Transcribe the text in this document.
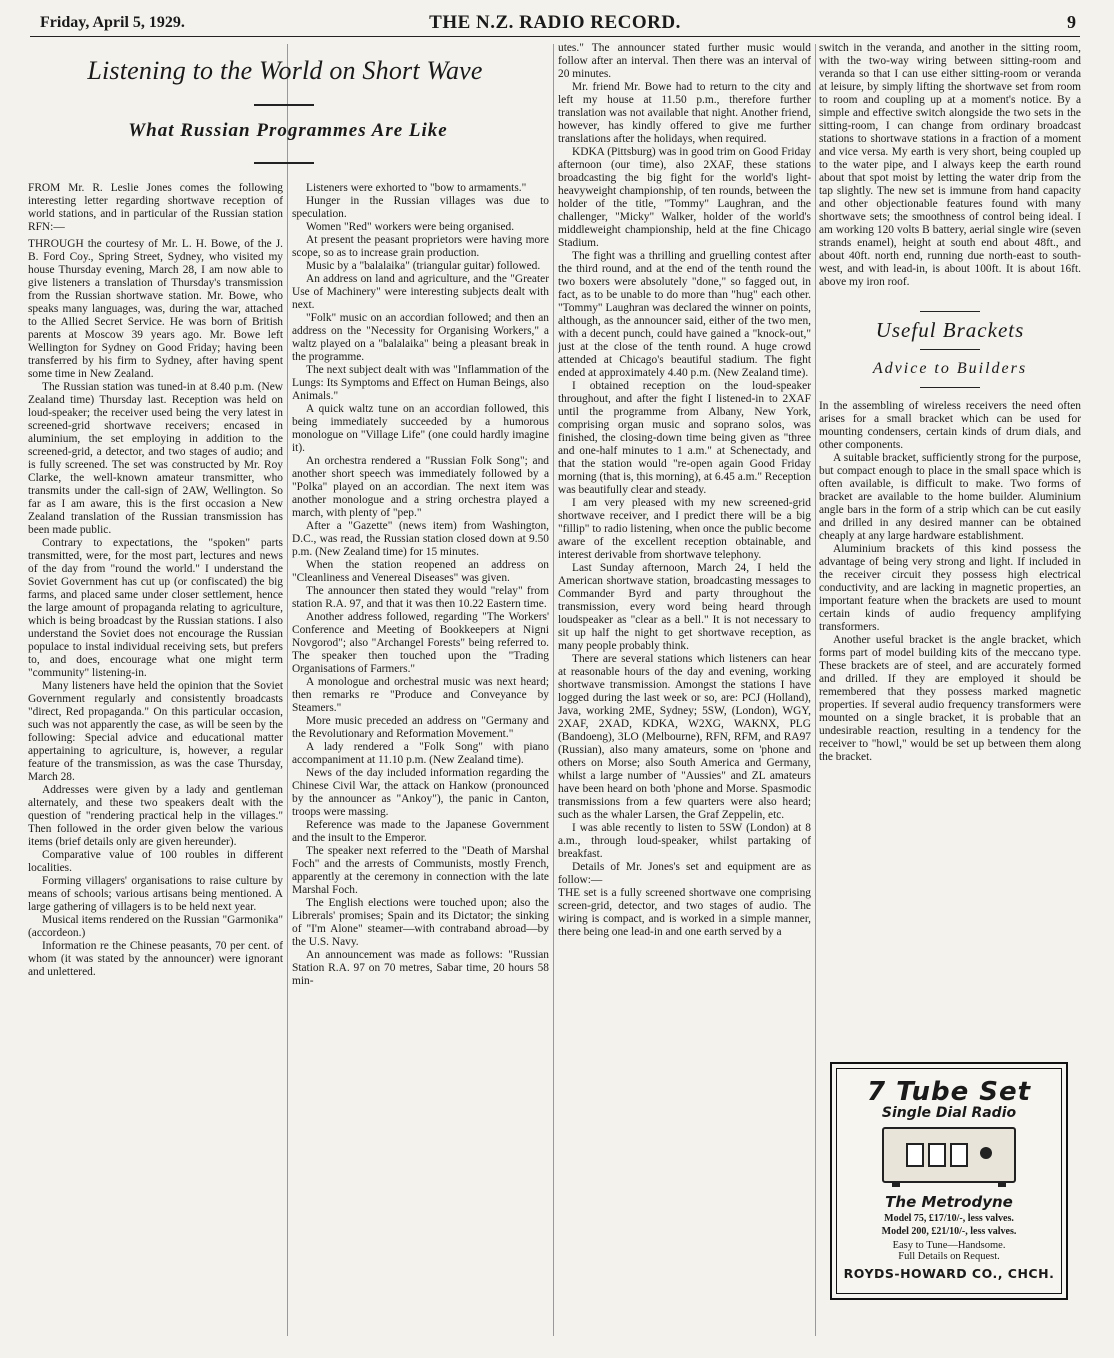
Friday, April 5, 1929.	THE N.Z. RADIO RECORD.	9
Listening to the World on Short Wave
What Russian Programmes Are Like

FROM Mr. R. Leslie Jones comes the following interesting letter regarding shortwave reception of world stations, and in particular of the Russian station RFN:—

THROUGH the courtesy of Mr. L. H. Bowe, of the J. B. Ford Coy., Spring Street, Sydney, who visited my house Thursday evening, March 28, I am now able to give listeners a translation of Thursday's transmission from the Russian shortwave station. Mr. Bowe, who speaks many languages, was, during the war, attached to the Allied Secret Service. He was born of British parents at Moscow 39 years ago. Mr. Bowe left Wellington for Sydney on Good Friday; having been transferred by his firm to Sydney, after having spent some time in New Zealand.

The Russian station was tuned-in at 8.40 p.m. (New Zealand time) Thursday last. Reception was held on loud-speaker; the receiver used being the very latest in screened-grid shortwave receivers; encased in aluminium, the set employing in addition to the screened-grid, a detector, and two stages of audio; and is fully screened. The set was constructed by Mr. Roy Clarke, the well-known amateur transmitter, who transmits under the call-sign of 2AW, Wellington. So far as I am aware, this is the first occasion a New Zealand translation of the Russian transmission has been made public.

Contrary to expectations, the "spoken" parts transmitted, were, for the most part, lectures and news of the day from "round the world." I understand the Soviet Government has cut up (or confiscated) the big farms, and placed same under closer settlement, hence the large amount of propaganda relating to agriculture, which is being broadcast by the Russian stations. I also understand the Soviet does not encourage the Russian populace to instal individual receiving sets, but prefers to, and does, encourage what one might term "community" listening-in.

Many listeners have held the opinion that the Soviet Government regularly and consistently broadcasts "direct, Red propaganda." On this particular occasion, such was not apparently the case, as will be seen by the following: Special advice and educational matter appertaining to agriculture, is, however, a regular feature of the transmission, as was the case Thursday, March 28.

Addresses were given by a lady and gentleman alternately, and these two speakers dealt with the question of "rendering practical help in the villages." Then followed in the order given below the various items (brief details only are given hereunder).

Comparative value of 100 roubles in different localities.

Forming villagers' organisations to raise culture by means of schools; various artisans being mentioned. A large gathering of villagers is to be held next year.

Musical items rendered on the Russian "Garmonika" (accordeon.)

Information re the Chinese peasants, 70 per cent. of whom (it was stated by the announcer) were ignorant and unlettered.

Listeners were exhorted to "bow to armaments."

Hunger in the Russian villages was due to speculation.

Women "Red" workers were being organised.

At present the peasant proprietors were having more scope, so as to increase grain production.

Music by a "balalaika" (triangular guitar) followed.

An address on land and agriculture, and the "Greater Use of Machinery" were interesting subjects dealt with next.

"Folk" music on an accordian followed; and then an address on the "Necessity for Organising Workers," a waltz played on a "balalaika" being a pleasant break in the programme.

The next subject dealt with was "Inflammation of the Lungs: Its Symptoms and Effect on Human Beings, also Animals."

A quick waltz tune on an accordian followed, this being immediately succeeded by a humorous monologue on "Village Life" (one could hardly imagine it).

An orchestra rendered a "Russian Folk Song"; and another short speech was immediately followed by a "Polka" played on an accordian. The next item was another monologue and a string orchestra played a march, with plenty of "pep."

After a "Gazette" (news item) from Washington, D.C., was read, the Russian station closed down at 9.50 p.m. (New Zealand time) for 15 minutes.

When the station reopened an address on "Cleanliness and Venereal Diseases" was given.

The announcer then stated they would "relay" from station R.A. 97, and that it was then 10.22 Eastern time.

Another address followed, regarding "The Workers' Conference and Meeting of Bookkeepers at Nigni Novgorod"; also "Archangel Forests" being referred to. The speaker then touched upon the "Trading Organisations of Farmers."

A monologue and orchestral music was next heard; then remarks re "Produce and Conveyance by Steamers."

More music preceded an address on "Germany and the Revolutionary and Reformation Movement."

A lady rendered a "Folk Song" with piano accompaniment at 11.10 p.m. (New Zealand time).

News of the day included information regarding the Chinese Civil War, the attack on Hankow (pronounced by the announcer as "Ankoy"), the panic in Canton, troops were massing.

Reference was made to the Japanese Government and the insult to the Emperor.

The speaker next referred to the "Death of Marshal Foch" and the arrests of Communists, mostly French, apparently at the ceremony in connection with the late Marshal Foch.

The English elections were touched upon; also the Librerals' promises; Spain and its Dictator; the sinking of "I'm Alone" steamer—with contraband abroad—by the U.S. Navy.

An announcement was made as follows: "Russian Station R.A. 97 on 70 metres, Sabar time, 20 hours 58 min-

utes." The announcer stated further music would follow after an interval. Then there was an interval of 20 minutes.

Mr. friend Mr. Bowe had to return to the city and left my house at 11.50 p.m., therefore further translation was not available that night. Another friend, however, has kindly offered to give me further translations after the holidays, when required.

KDKA (Pittsburg) was in good trim on Good Friday afternoon (our time), also 2XAF, these stations broadcasting the big fight for the world's light-heavyweight championship, of ten rounds, between the holder of the title, "Tommy" Laughran, and the challenger, "Micky" Walker, holder of the world's middleweight championship, held at the fine Chicago Stadium.

The fight was a thrilling and gruelling contest after the third round, and at the end of the tenth round the two boxers were absolutely "done," so fagged out, in fact, as to be unable to do more than "hug" each other. "Tommy" Laughran was declared the winner on points, although, as the announcer said, either of the two men, with a decent punch, could have gained a "knock-out," just at the close of the tenth round. A huge crowd attended at Chicago's beautiful stadium. The fight ended at approximately 4.40 p.m. (New Zealand time).

I obtained reception on the loud-speaker throughout, and after the fight I listened-in to 2XAF until the programme from Albany, New York, comprising organ music and soprano solos, was finished, the closing-down time being given as "three and one-half minutes to 1 a.m." at Schenectady, and that the station would "re-open again Good Friday morning (that is, this morning), at 6.45 a.m." Reception was beautifully clear and steady.

I am very pleased with my new screened-grid shortwave receiver, and I predict there will be a big "fillip" to radio listening, when once the public become aware of the excellent reception obtainable, and interest derivable from shortwave telephony.

Last Sunday afternoon, March 24, I held the American shortwave station, broadcasting messages to Commander Byrd and party throughout the transmission, every word being heard through loudspeaker as "clear as a bell." It is not necessary to sit up half the night to get shortwave reception, as many people probably think.

There are several stations which listeners can hear at reasonable hours of the day and evening, working shortwave transmission. Amongst the stations I have logged during the last week or so, are: PCJ (Holland), Java, working 2ME, Sydney; 5SW, (London), WGY, 2XAF, 2XAD, KDKA, W2XG, WAKNX, PLG (Bandoeng), 3LO (Melbourne), RFN, RFM, and RA97 (Russian), also many amateurs, some on 'phone and others on Morse; also South America and Germany, whilst a large number of "Aussies" and ZL amateurs have been heard on both 'phone and Morse. Spasmodic transmissions from a few quarters were also heard; such as the whaler Larsen, the Graf Zeppelin, etc.

I was able recently to listen to 5SW (London) at 8 a.m., through loud-speaker, whilst partaking of breakfast.

Details of Mr. Jones's set and equipment are as follow:—

THE set is a fully screened shortwave one comprising screen-grid, detector, and two stages of audio. The wiring is compact, and is worked in a simple manner, there being one lead-in and one earth served by a

switch in the veranda, and another in the sitting room, with the two-way wiring between sitting-room and veranda so that I can use either sitting-room or veranda at leisure, by simply lifting the shortwave set from room to room and coupling up at a moment's notice. By a simple and effective switch alongside the two sets in the sitting-room, I can change from ordinary broadcast stations to shortwave stations in a fraction of a moment and vice versa. My earth is very short, being coupled up to the water pipe, and I always keep the earth round about that spot moist by letting the water drip from the tap slightly. The new set is immune from hand capacity and other objectionable features found with many shortwave sets; the smoothness of control being ideal. I am working 120 volts B battery, aerial single wire (seven strands enamel), height at south end about 48ft., and about 40ft. north end, running due north-east to south-west, and with lead-in, is about 100ft. It is about 16ft. above my iron roof.

Useful Brackets
Advice to Builders

In the assembling of wireless receivers the need often arises for a small bracket which can be used for mounting condensers, certain kinds of drum dials, and other components.

A suitable bracket, sufficiently strong for the purpose, but compact enough to place in the small space which is often available, is difficult to make. Two forms of bracket are available to the home builder. Aluminium angle bars in the form of a strip which can be cut easily and drilled in any desired manner can be obtained cheaply at any large hardware establishment.

Aluminium brackets of this kind possess the advantage of being very strong and light. If included in the receiver circuit they possess high electrical conductivity, and are lacking in magnetic properties, an important feature when the brackets are used to mount certain kinds of audio frequency amplifying transformers.

Another useful bracket is the angle bracket, which forms part of model building kits of the meccano type. These brackets are of steel, and are accurately formed and drilled. If they are employed it should be remembered that they possess marked magnetic properties. If several audio frequency transformers were mounted on a single bracket, it is probable that an undesirable reaction, resulting in a tendency for the receiver to "howl," would be set up between them along the bracket.

7 Tube Set
Single Dial Radio
The Metrodyne
Model 75, £17/10/-, less valves.
Model 200, £21/10/-, less valves.
Easy to Tune—Handsome.
Full Details on Request.
ROYDS-HOWARD CO., CHCH.
